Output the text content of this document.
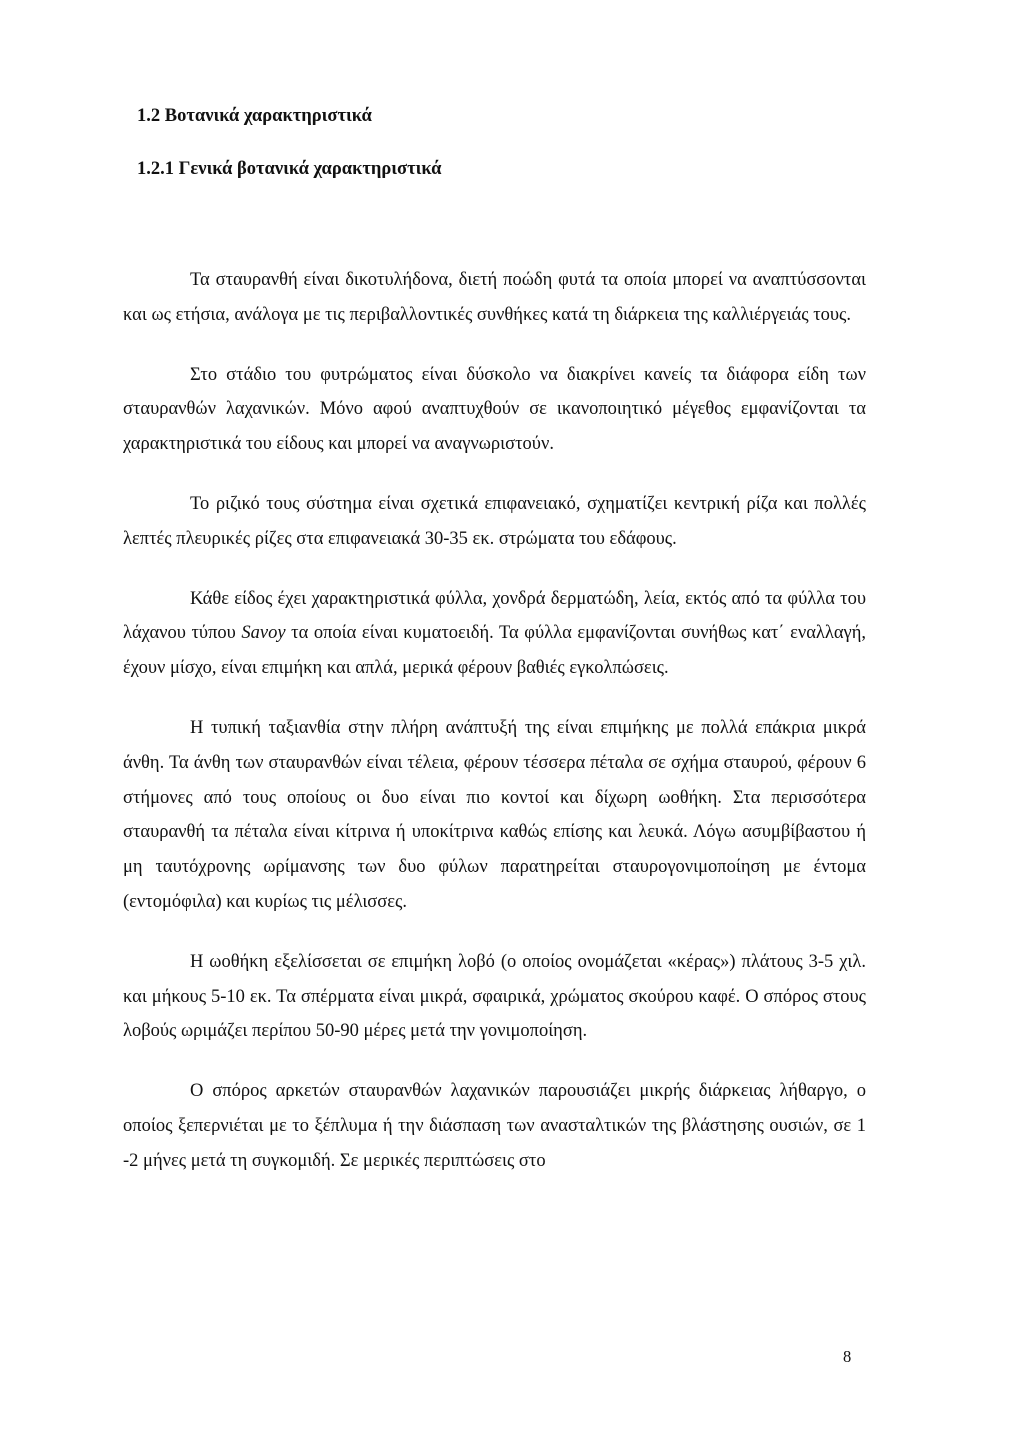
1.2 Βοτανικά χαρακτηριστικά
1.2.1 Γενικά βοτανικά χαρακτηριστικά

Τα σταυρανθή είναι δικοτυλήδονα, διετή ποώδη φυτά τα οποία μπορεί να αναπτύσσονται και ως ετήσια, ανάλογα με τις περιβαλλοντικές συνθήκες κατά τη διάρκεια της καλλιέργειάς τους.

Στο στάδιο του φυτρώματος είναι δύσκολο να διακρίνει κανείς τα διάφορα είδη των σταυρανθών λαχανικών. Μόνο αφού αναπτυχθούν σε ικανοποιητικό μέγεθος εμφανίζονται τα χαρακτηριστικά του είδους και μπορεί να αναγνωριστούν.

Το ριζικό τους σύστημα είναι σχετικά επιφανειακό, σχηματίζει κεντρική ρίζα και πολλές λεπτές πλευρικές ρίζες στα επιφανειακά 30-35 εκ. στρώματα του εδάφους.

Κάθε είδος έχει χαρακτηριστικά φύλλα, χονδρά δερματώδη, λεία, εκτός από τα φύλλα του λάχανου τύπου Savoy τα οποία είναι κυματοειδή. Τα φύλλα εμφανίζονται συνήθως κατ΄ εναλλαγή, έχουν μίσχο, είναι επιμήκη και απλά, μερικά φέρουν βαθιές εγκολπώσεις.

Η τυπική ταξιανθία στην πλήρη ανάπτυξή της είναι επιμήκης με πολλά επάκρια μικρά άνθη. Τα άνθη των σταυρανθών είναι τέλεια, φέρουν τέσσερα πέταλα σε σχήμα σταυρού, φέρουν 6 στήμονες από τους οποίους οι δυο είναι πιο κοντοί και δίχωρη ωοθήκη. Στα περισσότερα σταυρανθή τα πέταλα είναι κίτρινα ή υποκίτρινα καθώς επίσης και λευκά. Λόγω ασυμβίβαστου ή μη ταυτόχρονης ωρίμανσης των δυο φύλων παρατηρείται σταυρογονιμοποίηση με έντομα (εντομόφιλα) και κυρίως τις μέλισσες.

Η ωοθήκη εξελίσσεται σε επιμήκη λοβό (ο οποίος ονομάζεται «κέρας») πλάτους 3-5 χιλ. και μήκους 5-10 εκ. Τα σπέρματα είναι μικρά, σφαιρικά, χρώματος σκούρου καφέ. Ο σπόρος στους λοβούς ωριμάζει περίπου 50-90 μέρες μετά την γονιμοποίηση.

Ο σπόρος αρκετών σταυρανθών λαχανικών παρουσιάζει μικρής διάρκειας λήθαργο, ο οποίος ξεπερνιέται με το ξέπλυμα ή την διάσπαση των ανασταλτικών της βλάστησης ουσιών, σε 1 -2 μήνες μετά τη συγκομιδή. Σε μερικές περιπτώσεις στο

8
